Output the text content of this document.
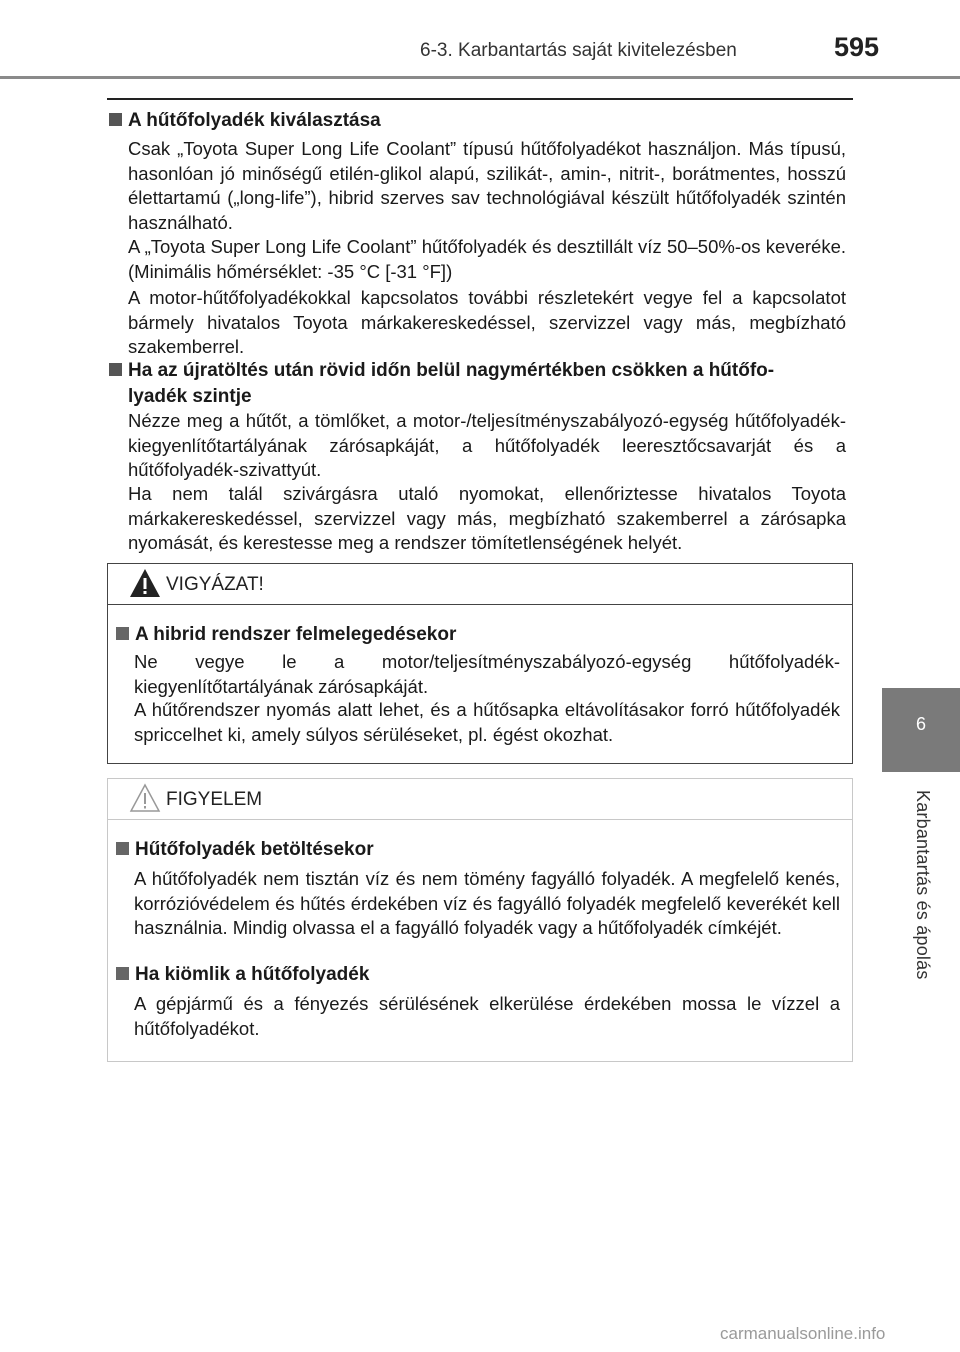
6-3. Karbantartás saját kivitelezésben	595
6
Karbantartás és ápolás
A hűtőfolyadék kiválasztása

Csak „Toyota Super Long Life Coolant” típusú hűtőfolyadékot használjon. Más típusú, hasonlóan jó minőségű etilén-glikol alapú, szilikát-, amin-, nitrit-, borátmentes, hosszú élettartamú („long-life”), hibrid szerves sav technológiával készült hűtőfolyadék szintén használható.

A „Toyota Super Long Life Coolant” hűtőfolyadék és desztillált víz 50–50%-os keveréke. (Minimális hőmérséklet: -35 °C [-31 °F])

A motor-hűtőfolyadékokkal kapcsolatos további részletekért vegye fel a kapcsolatot bármely hivatalos Toyota márkakereskedéssel, szervizzel vagy más, megbízható szakemberrel.

Ha az újratöltés után rövid időn belül nagymértékben csökken a hűtőfo-
lyadék szintje

Nézze meg a hűtőt, a tömlőket, a motor-/teljesítményszabályozó-egység hűtőfolyadék-kiegyenlítőtartályának zárósapkáját, a hűtőfolyadék leeresztőcsavarját és a hűtőfolyadék-szivattyút.

Ha nem talál szivárgásra utaló nyomokat, ellenőriztesse hivatalos Toyota márkakereskedéssel, szervizzel vagy más, megbízható szakemberrel a zárósapka nyomását, és kerestesse meg a rendszer tömítetlenségének helyét.

VIGYÁZAT!
A hibrid rendszer felmelegedésekor

Ne vegye le a motor/teljesítményszabályozó-egység hűtőfolyadék-kiegyenlítőtartályának zárósapkáját.

A hűtőrendszer nyomás alatt lehet, és a hűtősapka eltávolításakor forró hűtőfolyadék spriccelhet ki, amely súlyos sérüléseket, pl. égést okozhat.

FIGYELEM
Hűtőfolyadék betöltésekor

A hűtőfolyadék nem tisztán víz és nem tömény fagyálló folyadék. A megfelelő kenés, korrózióvédelem és hűtés érdekében víz és fagyálló folyadék megfelelő keverékét kell használnia. Mindig olvassa el a fagyálló folyadék vagy a hűtőfolyadék címkéjét.

Ha kiömlik a hűtőfolyadék

A gépjármű és a fényezés sérülésének elkerülése érdekében mossa le vízzel a hűtőfolyadékot.

carmanualsonline.info
